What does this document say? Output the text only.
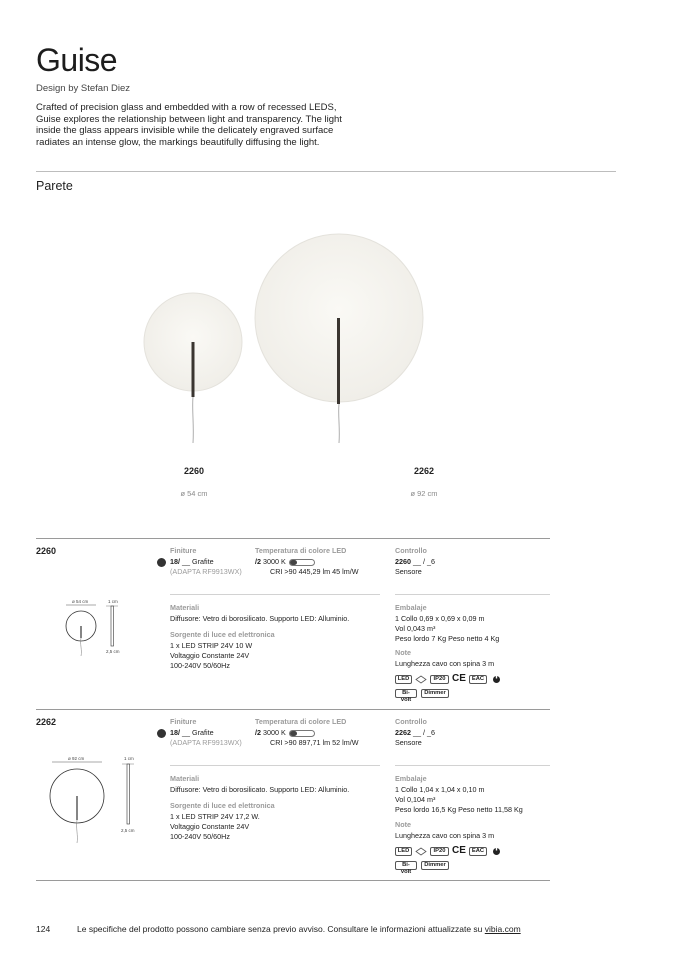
Guise
Design by Stefan Diez
Crafted of precision glass and embedded with a row of recessed LEDS,
Guise explores the relationship between light and transparency. The light
inside the glass appears invisible while the delicately engraved surface
radiates an intense glow, the markings beautifully diffusing the light.
Parete
2260
ø 54 cm
2262
ø 92 cm
2260
ø 54 cm	1 cm
2,5 cm
Finiture
18/ __ Grafite
(ADAPTA RF9913WX)
Temperatura di colore LED
/2 3000 K
CRI >90 445,29 lm 45 lm/W
Controllo
2260 __ / _6
Sensore
Materiali
Diffusore: Vetro di borosilicato. Supporto LED: Alluminio.
Sorgente di luce ed elettronica
1 x LED STRIP 24V 10 W
Voltaggio Constante 24V
100-240V 50/60Hz
Embalaje
1 Collo 0,69 x 0,69 x 0,09 m
Vol 0,043 m³
Peso lordo 7 Kg Peso netto 4 Kg
Note
Lunghezza cavo con spina 3 m
LED	IP20 CE	EAC
Bi-volt
Dimmer
2262
ø 92 cm	1 cm
2,5 cm
Finiture
18/ __ Grafite
(ADAPTA RF9913WX)
Temperatura di colore LED
/2 3000 K
CRI >90 897,71 lm 52 lm/W
Controllo
2262 __ / _6
Sensore
Materiali
Diffusore: Vetro di borosilicato. Supporto LED: Alluminio.
Sorgente di luce ed elettronica
1 x LED STRIP 24V 17,2 W.
Voltaggio Constante 24V
100-240V 50/60Hz
Embalaje
1 Collo 1,04 x 1,04 x 0,10 m
Vol 0,104 m³
Peso lordo 16,5 Kg Peso netto 11,58 Kg
Note
Lunghezza cavo con spina 3 m
LED	IP20 CE	EAC
Bi-volt
Dimmer
124	Le specifiche del prodotto possono cambiare senza previo avviso. Consultare le informazioni attualizzate su vibia.com
